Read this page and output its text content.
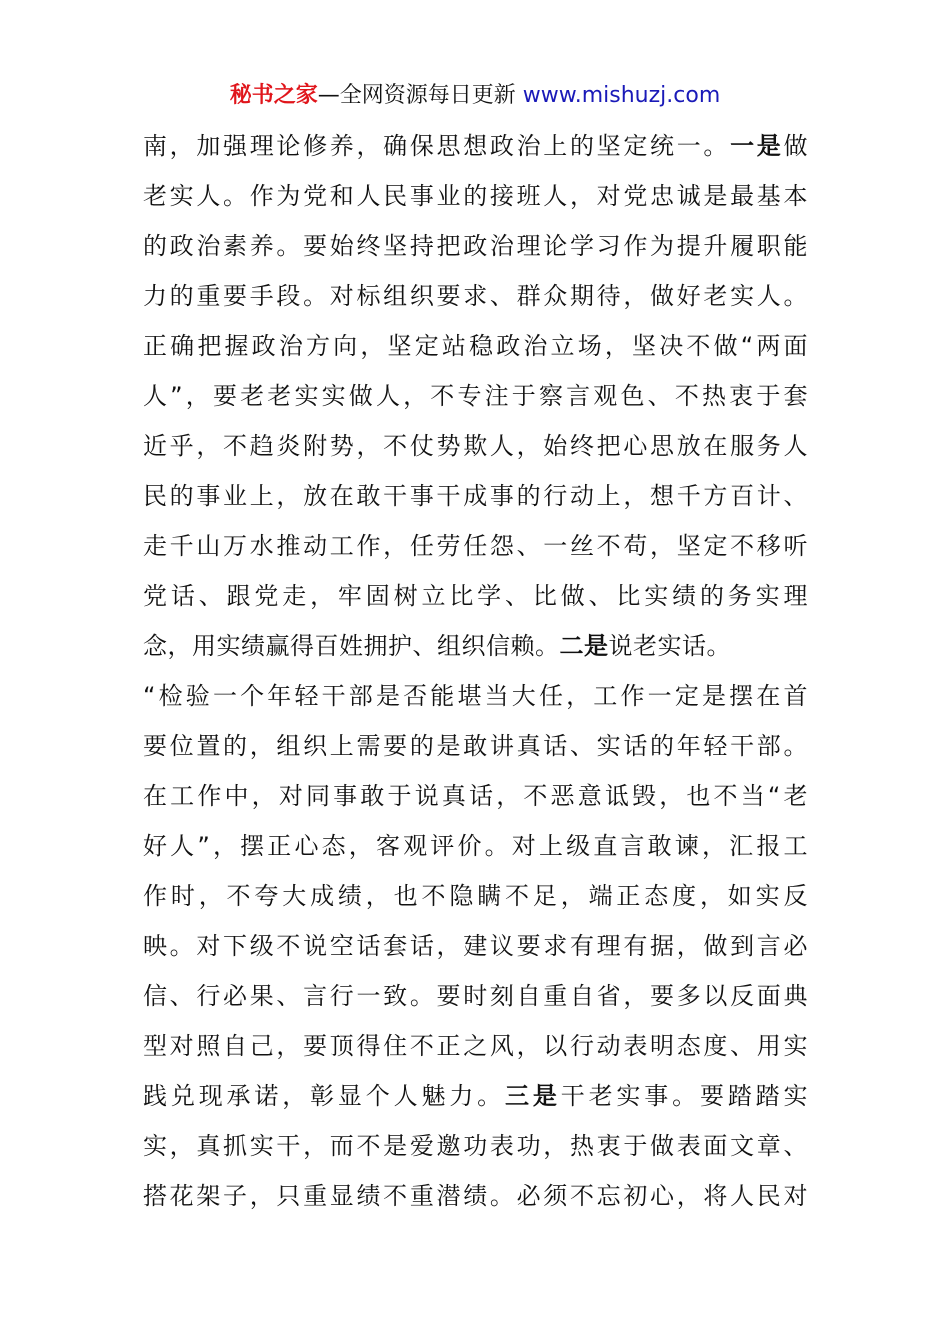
秘书之家—全网资源每日更新 www.mishuzj.com
南，加强理论修养，确保思想政治上的坚定统一。一是做
老实人。作为党和人民事业的接班人，对党忠诚是最基本
的政治素养。要始终坚持把政治理论学习作为提升履职能
力的重要手段。对标组织要求、群众期待，做好老实人。
正确把握政治方向，坚定站稳政治立场，坚决不做“两面
人”，要老老实实做人，不专注于察言观色、不热衷于套
近乎，不趋炎附势，不仗势欺人，始终把心思放在服务人
民的事业上，放在敢干事干成事的行动上，想千方百计、
走千山万水推动工作，任劳任怨、一丝不苟，坚定不移听
党话、跟党走，牢固树立比学、比做、比实绩的务实理
念，用实绩赢得百姓拥护、组织信赖。二是说老实话。
“检验一个年轻干部是否能堪当大任，工作一定是摆在首
要位置的，组织上需要的是敢讲真话、实话的年轻干部。
在工作中，对同事敢于说真话，不恶意诋毁，也不当“老
好人”，摆正心态，客观评价。对上级直言敢谏，汇报工
作时，不夸大成绩，也不隐瞒不足，端正态度，如实反
映。对下级不说空话套话，建议要求有理有据，做到言必
信、行必果、言行一致。要时刻自重自省，要多以反面典
型对照自己，要顶得住不正之风，以行动表明态度、用实
践兑现承诺，彰显个人魅力。三是干老实事。要踏踏实
实，真抓实干，而不是爱邀功表功，热衷于做表面文章、
搭花架子，只重显绩不重潜绩。必须不忘初心，将人民对
